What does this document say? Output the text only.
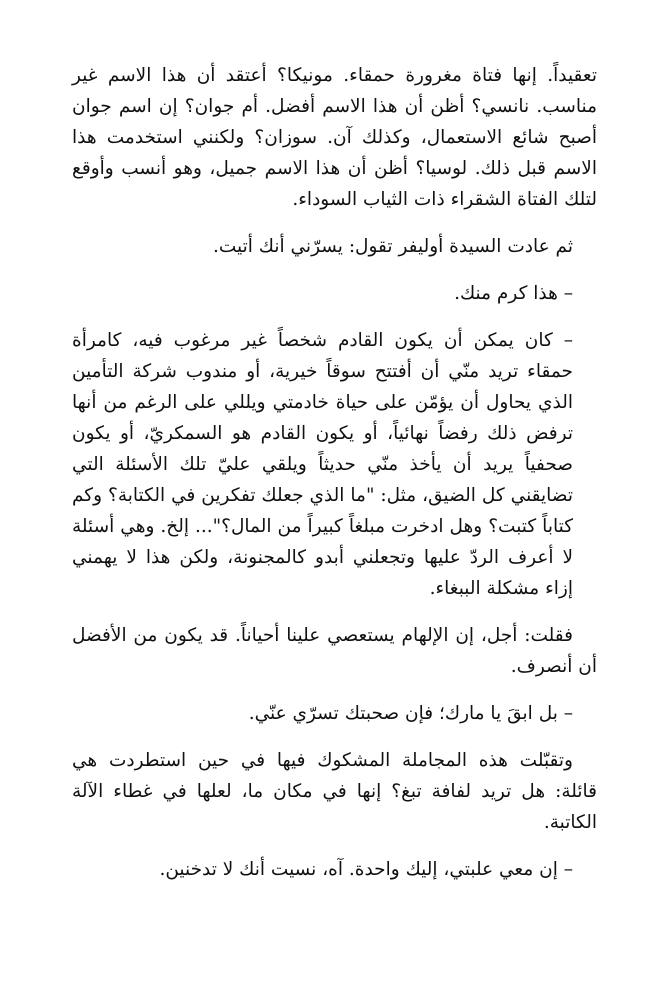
تعقيداً. إنها فتاة مغرورة حمقاء. مونيكا؟ أعتقد أن هذا الاسم غير مناسب. نانسي؟ أظن أن هذا الاسم أفضل. أم جوان؟ إن اسم جوان أصبح شائع الاستعمال، وكذلك آن. سوزان؟ ولكنني استخدمت هذا الاسم قبل ذلك. لوسيا؟ أظن أن هذا الاسم جميل، وهو أنسب وأوقع لتلك الفتاة الشقراء ذات الثياب السوداء.

ثم عادت السيدة أوليفر تقول: يسرّني أنك أتيت.

– هذا كرم منك.

– كان يمكن أن يكون القادم شخصاً غير مرغوب فيه، كامرأة حمقاء تريد منّي أن أفتتح سوقاً خيرية، أو مندوب شركة التأمين الذي يحاول أن يؤمّن على حياة خادمتي ويللي على الرغم من أنها ترفض ذلك رفضاً نهائياً، أو يكون القادم هو السمكريّ، أو يكون صحفياً يريد أن يأخذ منّي حديثاً ويلقي عليّ تلك الأسئلة التي تضايقني كل الضيق، مثل: "ما الذي جعلك تفكرين في الكتابة؟ وكم كتاباً كتبت؟ وهل ادخرت مبلغاً كبيراً من المال؟"... إلخ. وهي أسئلة لا أعرف الردّ عليها وتجعلني أبدو كالمجنونة، ولكن هذا لا يهمني إزاء مشكلة الببغاء.

فقلت: أجل، إن الإلهام يستعصي علينا أحياناً. قد يكون من الأفضل أن أنصرف.

– بل ابقَ يا مارك؛ فإن صحبتك تسرّي عنّي.

وتقبّلت هذه المجاملة المشكوك فيها في حين استطردت هي قائلة: هل تريد لفافة تبغ؟ إنها في مكان ما، لعلها في غطاء الآلة الكاتبة.

– إن معي علبتي، إليك واحدة. آه، نسيت أنك لا تدخنين.
